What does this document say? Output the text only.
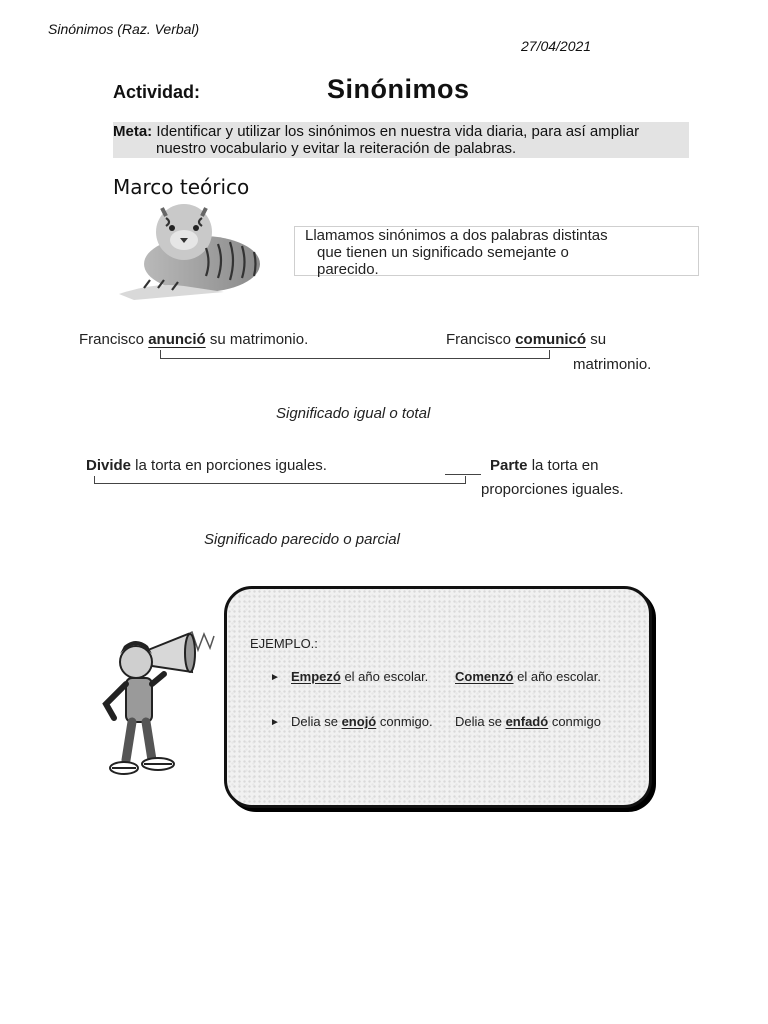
Sinónimos (Raz. Verbal)
27/04/2021
Actividad:	Sinónimos
Meta: Identificar y utilizar los sinónimos en nuestra vida diaria, para así ampliar
nuestro vocabulario y evitar la reiteración de palabras.
Marco teórico
Llamamos sinónimos a dos palabras distintas
que tienen un significado semejante o
parecido.
Francisco anunció su matrimonio.	Francisco comunicó su
matrimonio.
Significado igual o total
Divide la torta en porciones iguales.	Parte la torta en
proporciones iguales.
Significado parecido o parcial
EJEMPLO.:
► Empezó el año escolar. Comenzó el año escolar.
► Delia se enojó conmigo. Delia se enfadó conmigo
